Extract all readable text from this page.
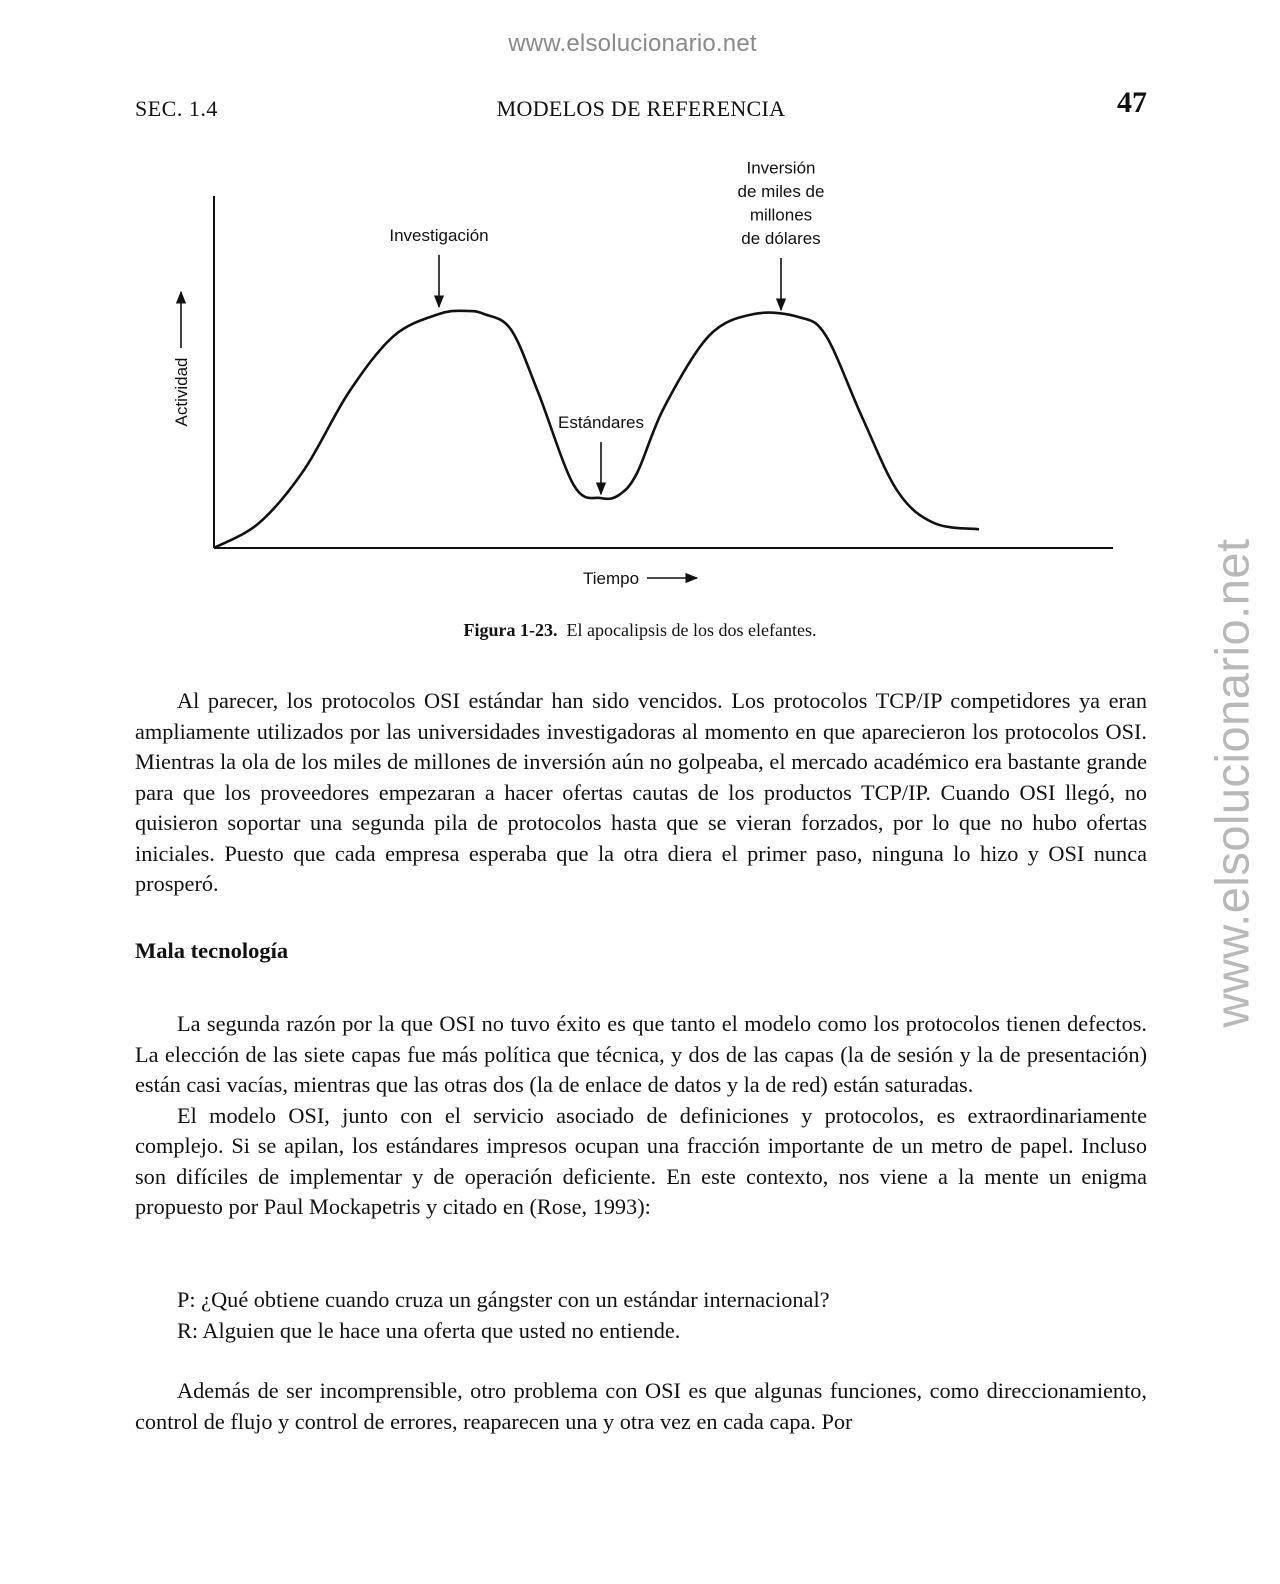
www.elsolucionario.net
www.elsolucionario.net
SEC. 1.4	MODELOS DE REFERENCIA	47
Investigación
Estándares
Inversión
de miles de
millones
de dólares
Actividad
Tiempo
Figura 1-23. El apocalipsis de los dos elefantes.

Al parecer, los protocolos OSI estándar han sido vencidos. Los protocolos TCP/IP competidores ya eran ampliamente utilizados por las universidades investigadoras al momento en que aparecieron los protocolos OSI. Mientras la ola de los miles de millones de inversión aún no golpeaba, el mercado académico era bastante grande para que los proveedores empezaran a hacer ofertas cautas de los productos TCP/IP. Cuando OSI llegó, no quisieron soportar una segunda pila de protocolos hasta que se vieran forzados, por lo que no hubo ofertas iniciales. Puesto que cada empresa esperaba que la otra diera el primer paso, ninguna lo hizo y OSI nunca prosperó.

Mala tecnología

La segunda razón por la que OSI no tuvo éxito es que tanto el modelo como los protocolos tienen defectos. La elección de las siete capas fue más política que técnica, y dos de las capas (la de sesión y la de presentación) están casi vacías, mientras que las otras dos (la de enlace de datos y la de red) están saturadas.

El modelo OSI, junto con el servicio asociado de definiciones y protocolos, es extraordinariamente complejo. Si se apilan, los estándares impresos ocupan una fracción importante de un metro de papel. Incluso son difíciles de implementar y de operación deficiente. En este contexto, nos viene a la mente un enigma propuesto por Paul Mockapetris y citado en (Rose, 1993):

P: ¿Qué obtiene cuando cruza un gángster con un estándar internacional?
R: Alguien que le hace una oferta que usted no entiende.

Además de ser incomprensible, otro problema con OSI es que algunas funciones, como direccionamiento, control de flujo y control de errores, reaparecen una y otra vez en cada capa. Por
